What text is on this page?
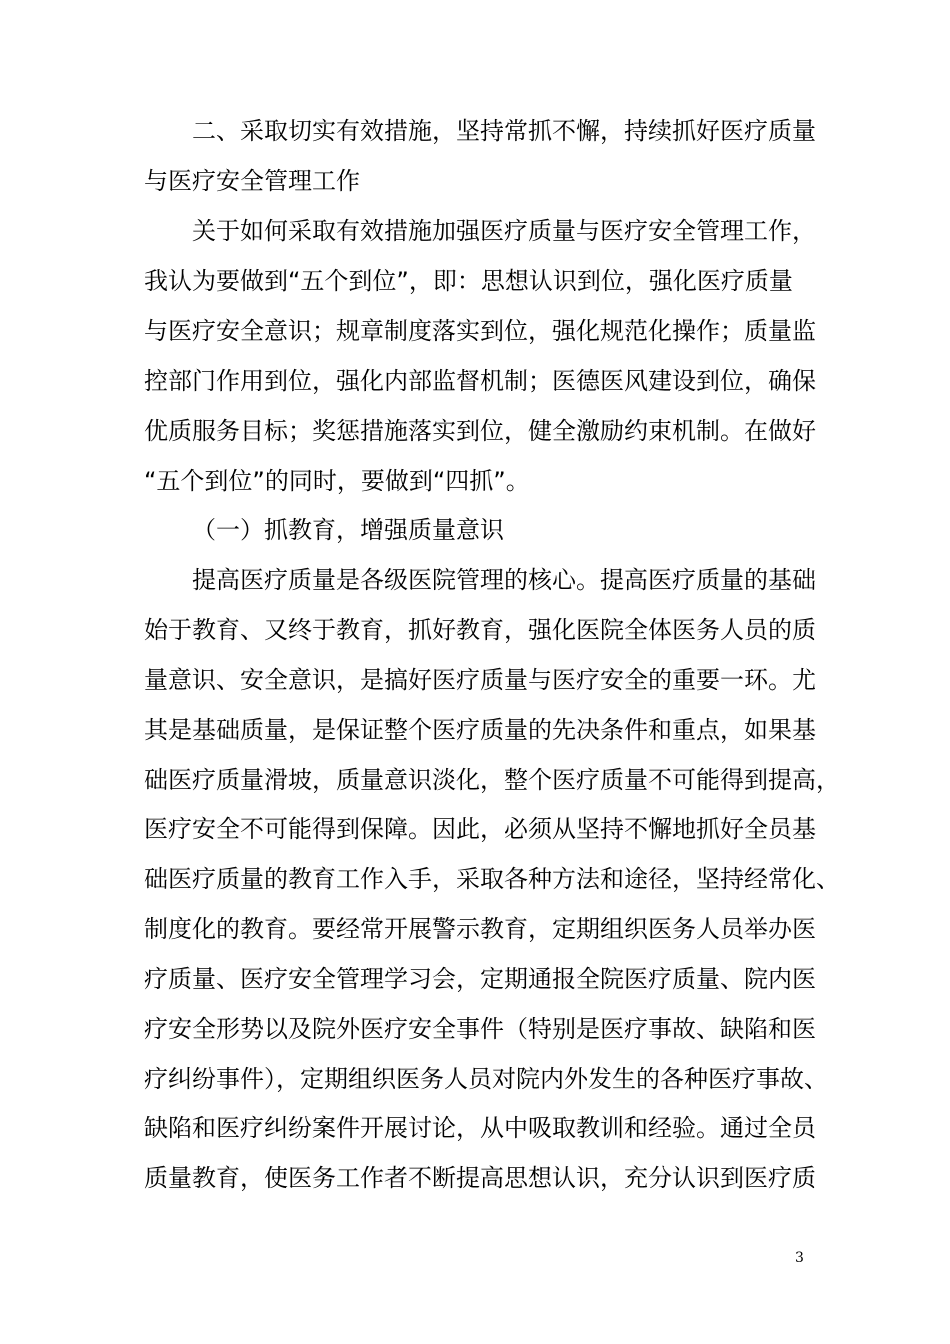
二、采取切实有效措施，坚持常抓不懈，持续抓好医疗质量
与医疗安全管理工作
关于如何采取有效措施加强医疗质量与医疗安全管理工作，
我认为要做到“五个到位”，即：思想认识到位，强化医疗质量
与医疗安全意识；规章制度落实到位，强化规范化操作；质量监
控部门作用到位，强化内部监督机制；医德医风建设到位，确保
优质服务目标；奖惩措施落实到位，健全激励约束机制。在做好
“五个到位”的同时，要做到“四抓”。
（一）抓教育，增强质量意识
提高医疗质量是各级医院管理的核心。提高医疗质量的基础
始于教育、又终于教育，抓好教育，强化医院全体医务人员的质
量意识、安全意识，是搞好医疗质量与医疗安全的重要一环。尤
其是基础质量，是保证整个医疗质量的先决条件和重点，如果基
础医疗质量滑坡，质量意识淡化，整个医疗质量不可能得到提高，
医疗安全不可能得到保障。因此，必须从坚持不懈地抓好全员基
础医疗质量的教育工作入手，采取各种方法和途径，坚持经常化、
制度化的教育。要经常开展警示教育，定期组织医务人员举办医
疗质量、医疗安全管理学习会，定期通报全院医疗质量、院内医
疗安全形势以及院外医疗安全事件（特别是医疗事故、缺陷和医
疗纠纷事件），定期组织医务人员对院内外发生的各种医疗事故、
缺陷和医疗纠纷案件开展讨论，从中吸取教训和经验。通过全员
质量教育，使医务工作者不断提高思想认识，充分认识到医疗质
3
